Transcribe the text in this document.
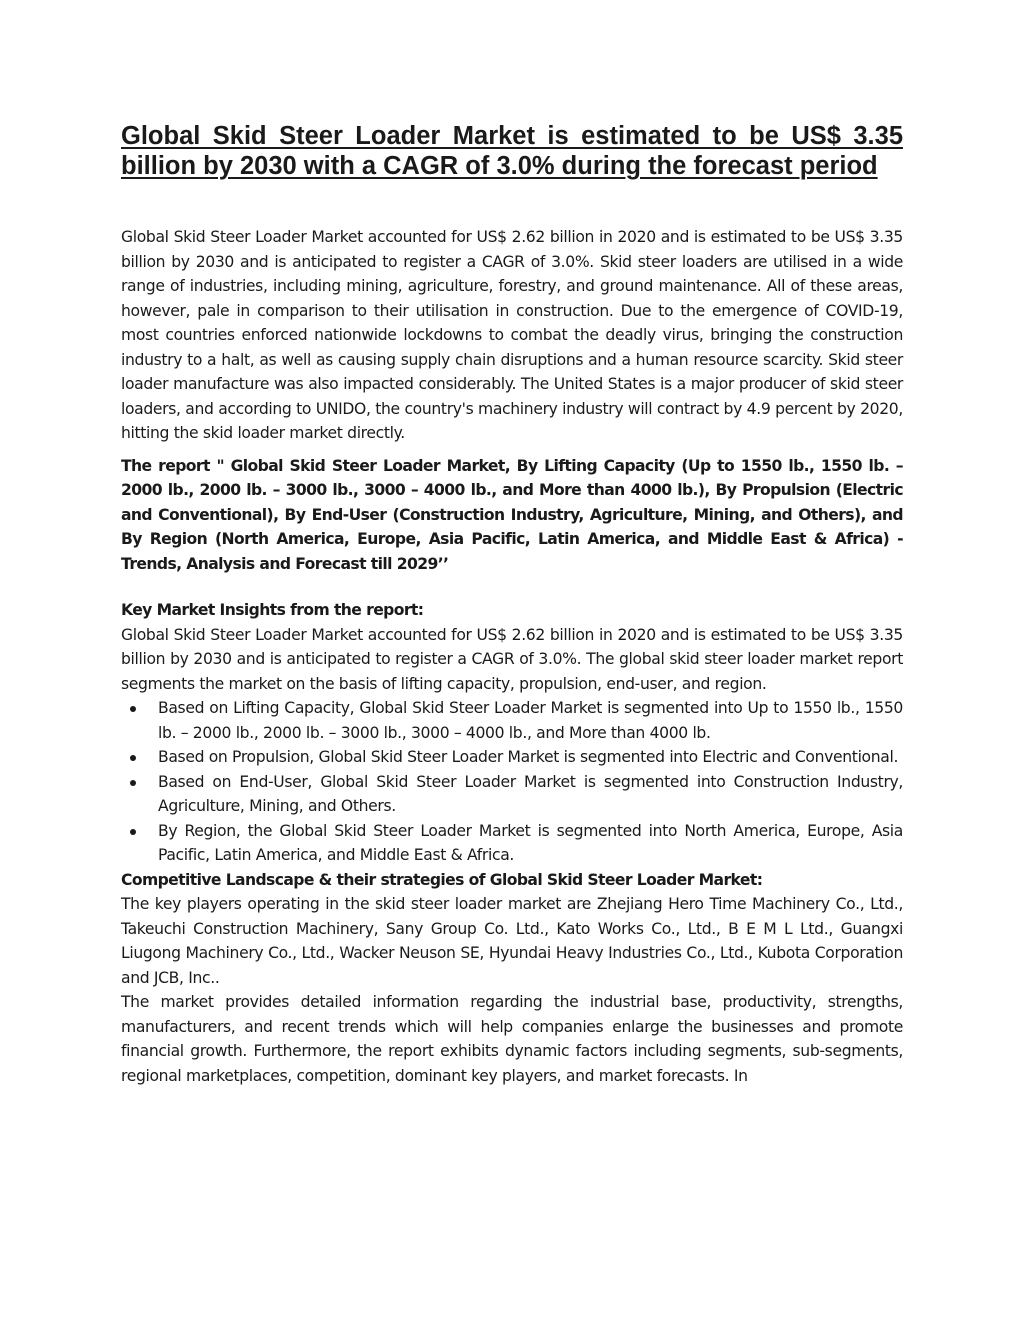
Global Skid Steer Loader Market is estimated to be US$ 3.35 billion by 2030 with a CAGR of 3.0% during the forecast period

Global Skid Steer Loader Market accounted for US$ 2.62 billion in 2020 and is estimated to be US$ 3.35 billion by 2030 and is anticipated to register a CAGR of 3.0%. Skid steer loaders are utilised in a wide range of industries, including mining, agriculture, forestry, and ground maintenance. All of these areas, however, pale in comparison to their utilisation in construction. Due to the emergence of COVID-19, most countries enforced nationwide lockdowns to combat the deadly virus, bringing the construction industry to a halt, as well as causing supply chain disruptions and a human resource scarcity. Skid steer loader manufacture was also impacted considerably. The United States is a major producer of skid steer loaders, and according to UNIDO, the country's machinery industry will contract by 4.9 percent by 2020, hitting the skid loader market directly.

The report " Global Skid Steer Loader Market, By Lifting Capacity (Up to 1550 lb., 1550 lb. – 2000 lb., 2000 lb. – 3000 lb., 3000 – 4000 lb., and More than 4000 lb.), By Propulsion (Electric and Conventional), By End-User (Construction Industry, Agriculture, Mining, and Others), and By Region (North America, Europe, Asia Pacific, Latin America, and Middle East & Africa) - Trends, Analysis and Forecast till 2029’’

Key Market Insights from the report:

Global Skid Steer Loader Market accounted for US$ 2.62 billion in 2020 and is estimated to be US$ 3.35 billion by 2030 and is anticipated to register a CAGR of 3.0%. The global skid steer loader market report segments the market on the basis of lifting capacity, propulsion, end-user, and region.

Based on Lifting Capacity, Global Skid Steer Loader Market is segmented into Up to 1550 lb., 1550 lb. – 2000 lb., 2000 lb. – 3000 lb., 3000 – 4000 lb., and More than 4000 lb.
Based on Propulsion, Global Skid Steer Loader Market is segmented into Electric and Conventional.
Based on End-User, Global Skid Steer Loader Market is segmented into Construction Industry, Agriculture, Mining, and Others.
By Region, the Global Skid Steer Loader Market is segmented into North America, Europe, Asia Pacific, Latin America, and Middle East & Africa.

Competitive Landscape & their strategies of Global Skid Steer Loader Market:

The key players operating in the skid steer loader market are Zhejiang Hero Time Machinery Co., Ltd., Takeuchi Construction Machinery, Sany Group Co. Ltd., Kato Works Co., Ltd., B E M L Ltd., Guangxi Liugong Machinery Co., Ltd., Wacker Neuson SE, Hyundai Heavy Industries Co., Ltd., Kubota Corporation and JCB, Inc..

The market provides detailed information regarding the industrial base, productivity, strengths, manufacturers, and recent trends which will help companies enlarge the businesses and promote financial growth. Furthermore, the report exhibits dynamic factors including segments, sub-segments, regional marketplaces, competition, dominant key players, and market forecasts. In
